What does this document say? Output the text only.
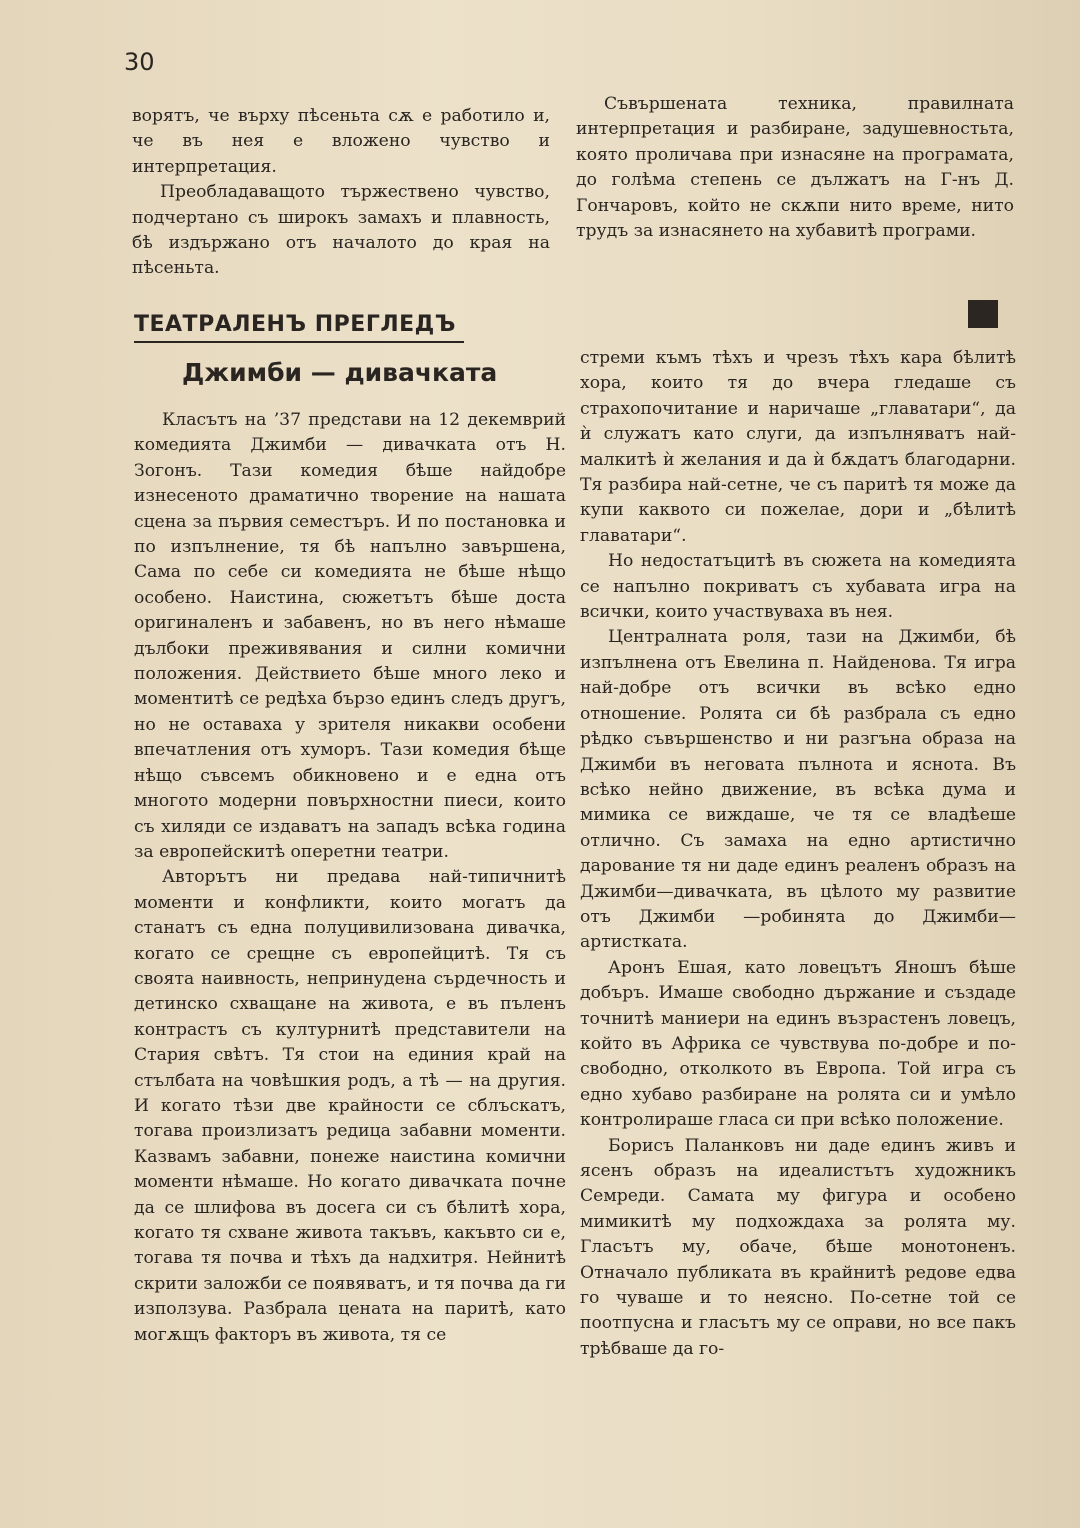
30

ворятъ, че върху пѣсеньта сѫ е работило и, че въ нея е вложено чувство и интерпретация.

Преобладаващото тържествено чувство, подчертано съ широкъ замахъ и плавность, бѣ издържано отъ началото до края на пѣсеньта.

Съвършената техника, правилната интерпретация и разбиране, задушевностьта, която проличава при изнасяне на програмата, до голѣма степень се дължатъ на Г-нъ Д. Гончаровъ, който не скѫпи нито време, нито трудъ за изнасянето на хубавитѣ програми.

ТЕАТРАЛЕНЪ ПРЕГЛЕДЪ
Джимби — дивачката

Класътъ на ’37 представи на 12 декемврий комедията Джимби — дивачката отъ Н. Зогонъ. Тази комедия бѣше найдобре изнесеното драматично творение на нашата сцена за първия семестъръ. И по постановка и по изпълнение, тя бѣ напълно завършена, Сама по себе си комедията не бѣше нѣщо особено. Наистина, сюжетътъ бѣше доста оригиналенъ и забавенъ, но въ него нѣмаше дълбоки преживявания и силни комични положения. Действието бѣше много леко и моментитѣ се редѣха бързо единъ следъ другъ, но не оставаха у зрителя никакви особени впечатления отъ хуморъ. Тази комедия бѣще нѣщо съвсемъ обикновено и е една отъ многото модерни повърхностни пиеси, които съ хиляди се издаватъ на западъ всѣка година за европейскитѣ оперетни театри.

Авторътъ ни предава най-типичнитѣ моменти и конфликти, които могатъ да станатъ съ една полуцивилизована дивачка, когато се срещне съ европейцитѣ. Тя съ своята наивность, непринудена сърдечность и детинско схващане на живота, е въ пъленъ контрастъ съ културнитѣ представители на Стария свѣтъ. Тя стои на единия край на стълбата на човѣшкия родъ, а тѣ — на другия. И когато тѣзи две крайности се сблъскатъ, тогава произлизатъ редица забавни моменти. Казвамъ забавни, понеже наистина комични моменти нѣмаше. Но когато дивачката почне да се шлифова въ досега си съ бѣлитѣ хора, когато тя схване живота такъвъ, какъвто си е, тогава тя почва и тѣхъ да надхитря. Нейнитѣ скрити заложби се появяватъ, и тя почва да ги използува. Разбрала цената на паритѣ, като могѫщъ факторъ въ живота, тя се

стреми къмъ тѣхъ и чрезъ тѣхъ кара бѣлитѣ хора, които тя до вчера гледаше съ страхопочитание и наричаше „главатари“, да ѝ служатъ като слуги, да изпълняватъ най-малкитѣ ѝ желания и да ѝ бѫдатъ благодарни. Тя разбира най-сетне, че съ паритѣ тя може да купи каквото си пожелае, дори и „бѣлитѣ главатари“.

Но недостатъцитѣ въ сюжета на комедията се напълно покриватъ съ хубавата игра на всички, които участвуваха въ нея.

Централната роля, тази на Джимби, бѣ изпълнена отъ Евелина п. Найденова. Тя игра най-добре отъ всички въ всѣко едно отношение. Ролята си бѣ разбрала съ едно рѣдко съвършенство и ни разгъна образа на Джимби въ неговата пълнота и яснота. Въ всѣко нейно движение, въ всѣка дума и мимика се виждаше, че тя се владѣеше отлично. Съ замаха на едно артистично дарование тя ни даде единъ реаленъ образъ на Джимби—дивачката, въ цѣлото му развитие отъ Джимби —робинята до Джимби—артистката.

Аронъ Ешая, като ловецътъ Яношъ бѣше добъръ. Имаше свободно държание и създаде точнитѣ маниери на единъ възрастенъ ловецъ, който въ Африка се чувствува по-добре и по-свободно, отколкото въ Европа. Той игра съ едно хубаво разбиране на ролята си и умѣло контролираше гласа си при всѣко положение.

Борисъ Паланковъ ни даде единъ живъ и ясенъ образъ на идеалистътъ художникъ Семреди. Самата му фигура и особено мимикитѣ му подхождаха за ролята му. Гласътъ му, обаче, бѣше монотоненъ. Отначало публиката въ крайнитѣ редове едва го чуваше и то неясно. По-сетне той се поотпусна и гласътъ му се оправи, но все пакъ трѣбваше да го-
